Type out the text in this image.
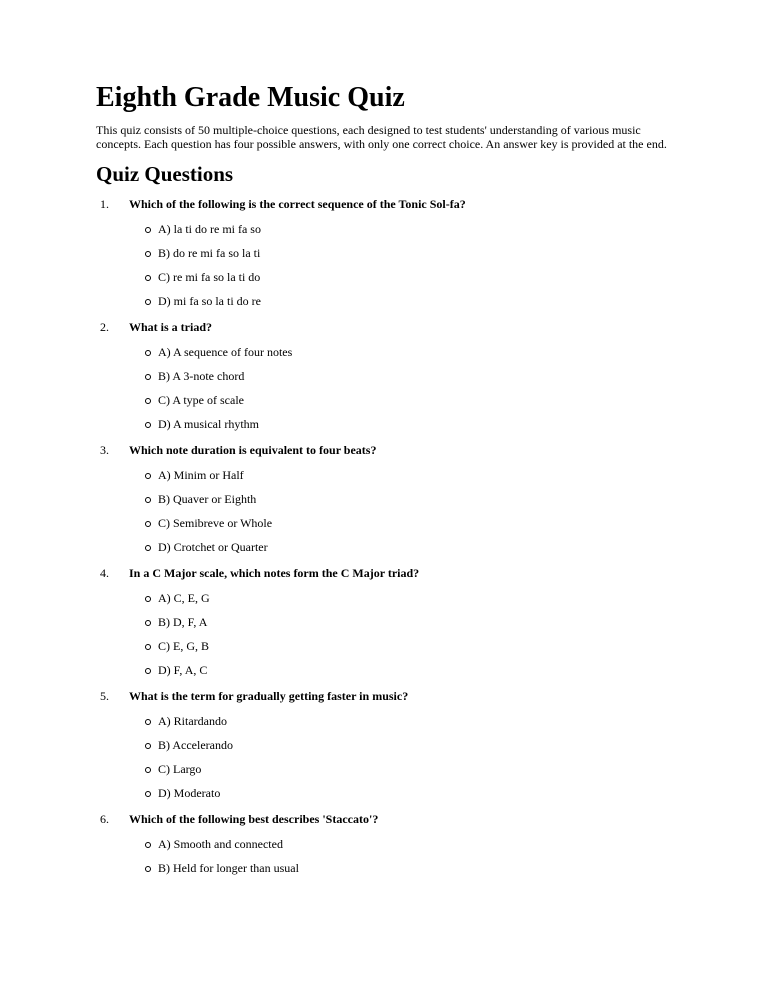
Eighth Grade Music Quiz

This quiz consists of 50 multiple-choice questions, each designed to test students' understanding of various music concepts. Each question has four possible answers, with only one correct choice. An answer key is provided at the end.

Quiz Questions
1. Which of the following is the correct sequence of the Tonic Sol-fa?
A) la ti do re mi fa so
B) do re mi fa so la ti
C) re mi fa so la ti do
D) mi fa so la ti do re
2. What is a triad?
A) A sequence of four notes
B) A 3-note chord
C) A type of scale
D) A musical rhythm
3. Which note duration is equivalent to four beats?
A) Minim or Half
B) Quaver or Eighth
C) Semibreve or Whole
D) Crotchet or Quarter
4. In a C Major scale, which notes form the C Major triad?
A) C, E, G
B) D, F, A
C) E, G, B
D) F, A, C
5. What is the term for gradually getting faster in music?
A) Ritardando
B) Accelerando
C) Largo
D) Moderato
6. Which of the following best describes 'Staccato'?
A) Smooth and connected
B) Held for longer than usual
